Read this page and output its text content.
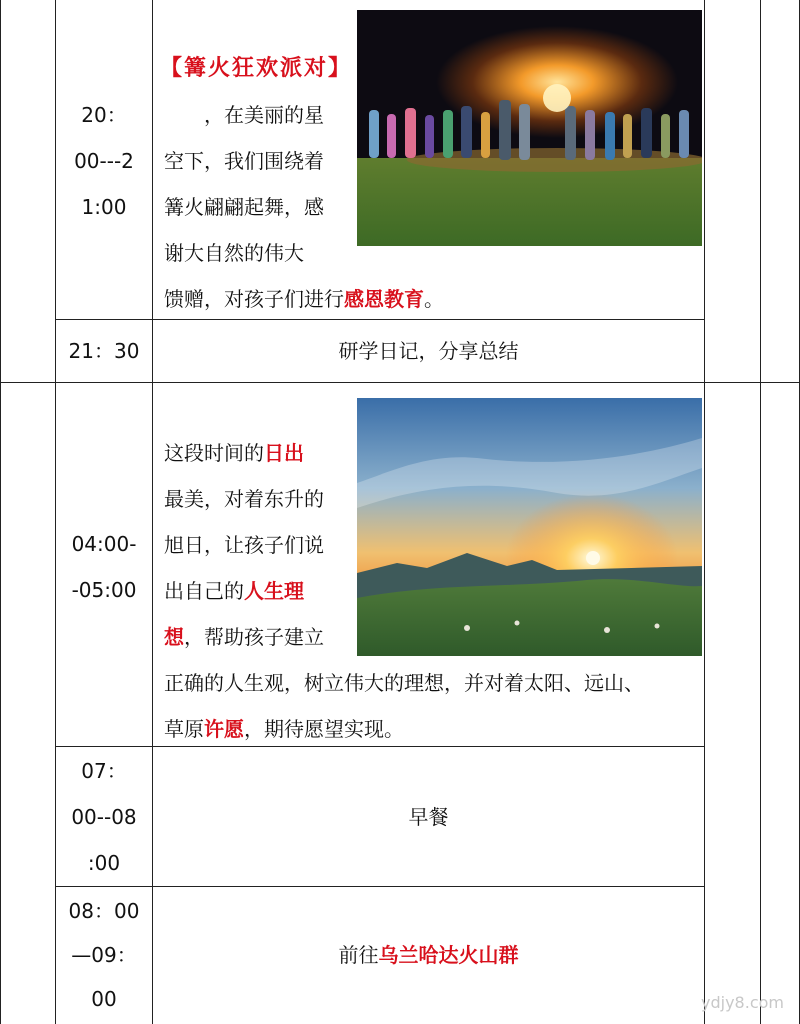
20：
00---2
1:00
【篝火狂欢派对】
，在美丽的星
空下，我们围绕着
篝火翩翩起舞，感
谢大自然的伟大
馈赠，对孩子们进行感恩教育。
21：30	研学日记，分享总结
04:00-
-05:00
这段时间的日出
最美，对着东升的
旭日，让孩子们说
出自己的人生理
想，帮助孩子建立
正确的人生观，树立伟大的理想，并对着太阳、远山、
草原许愿，期待愿望实现。
07：
00--08
:00
早餐
08：00
—09：
00
前往乌兰哈达火山群
ydjy8.com
